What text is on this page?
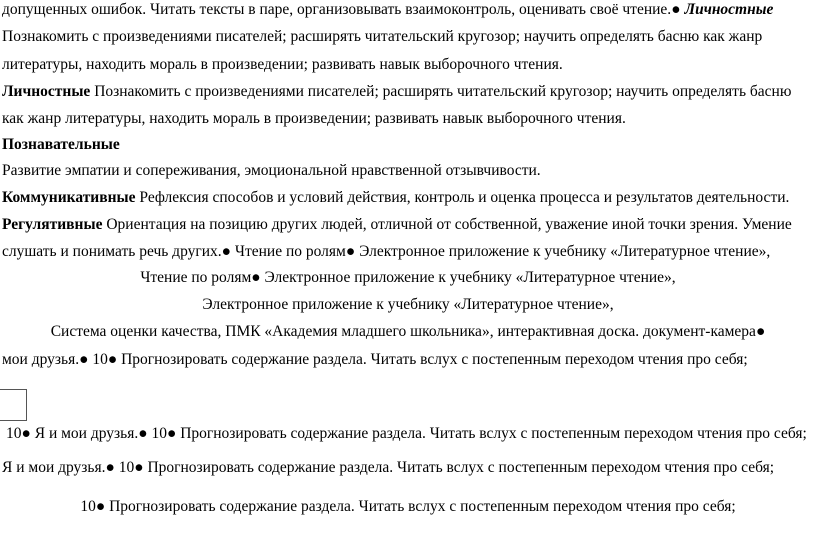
допущенных ошибок. Читать тексты в паре, организовывать взаимоконтроль, оценивать своё чтение.● Личностные
Познакомить с произведениями писателей; расширять читательский кругозор; научить определять басню как жанр
литературы, находить мораль в произведении; развивать навык выборочного чтения.
Личностные Познакомить с произведениями писателей; расширять читательский кругозор; научить определять басню
как жанр литературы, находить мораль в произведении; развивать навык выборочного чтения.
Познавательные
Развитие эмпатии и сопереживания, эмоциональной нравственной отзывчивости.
Коммуникативные Рефлексия способов и условий действия, контроль и оценка процесса и результатов деятельности.
Регулятивные Ориентация на позицию других людей, отличной от собственной, уважение иной точки зрения. Умение
слушать и понимать речь других.● Чтение по ролям● Электронное приложение к учебнику «Литературное чтение»,
Чтение по ролям● Электронное приложение к учебнику «Литературное чтение»,
Электронное приложение к учебнику «Литературное чтение»,
Система оценки качества, ПМК «Академия младшего школьника», интерактивная доска. документ-камера●
мои друзья.● 10● Прогнозировать содержание раздела. Читать вслух с постепенным переходом чтения про себя;
10● Я и мои друзья.● 10● Прогнозировать содержание раздела. Читать вслух с постепенным переходом чтения про себя;
Я и мои друзья.● 10● Прогнозировать содержание раздела. Читать вслух с постепенным переходом чтения про себя;
10● Прогнозировать содержание раздела. Читать вслух с постепенным переходом чтения про себя;
